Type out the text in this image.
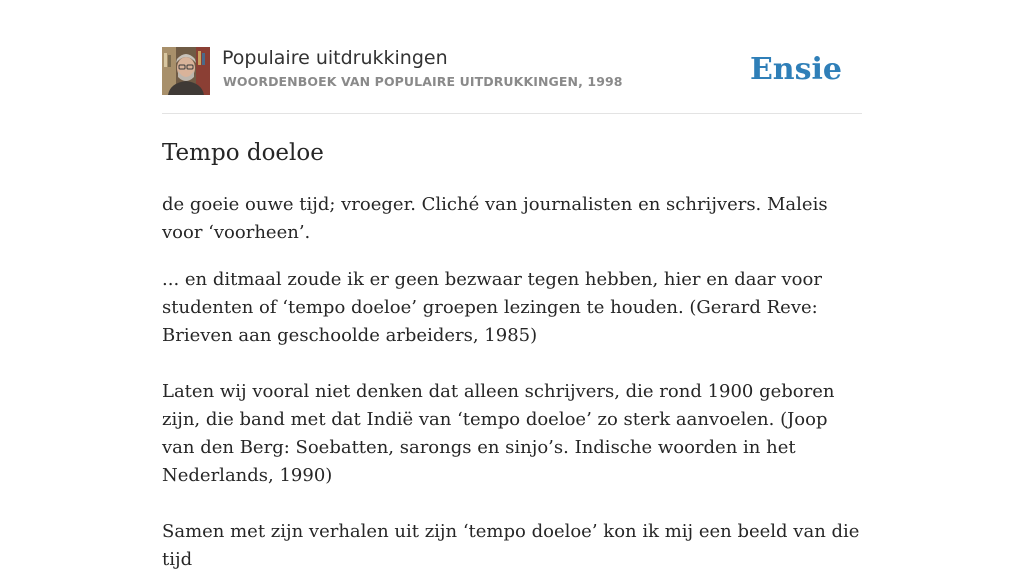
Populaire uitdrukkingen
WOORDENBOEK VAN POPULAIRE UITDRUKKINGEN, 1998	Ensie
Tempo doeloe

de goeie ouwe tijd; vroeger. Cliché van journalisten en schrijvers. Maleis voor ‘voorheen’.

... en ditmaal zoude ik er geen bezwaar tegen hebben, hier en daar voor studenten of ‘tempo doeloe’ groepen lezingen te houden. (Gerard Reve: Brieven aan geschoolde arbeiders, 1985)

Laten wij vooral niet denken dat alleen schrijvers, die rond 1900 geboren zijn, die band met dat Indië van ‘tempo doeloe’ zo sterk aanvoelen. (Joop van den Berg: Soebatten, sarongs en sinjo’s. Indische woorden in het Nederlands, 1990)

Samen met zijn verhalen uit zijn ‘tempo doeloe’ kon ik mij een beeld van die tijd
